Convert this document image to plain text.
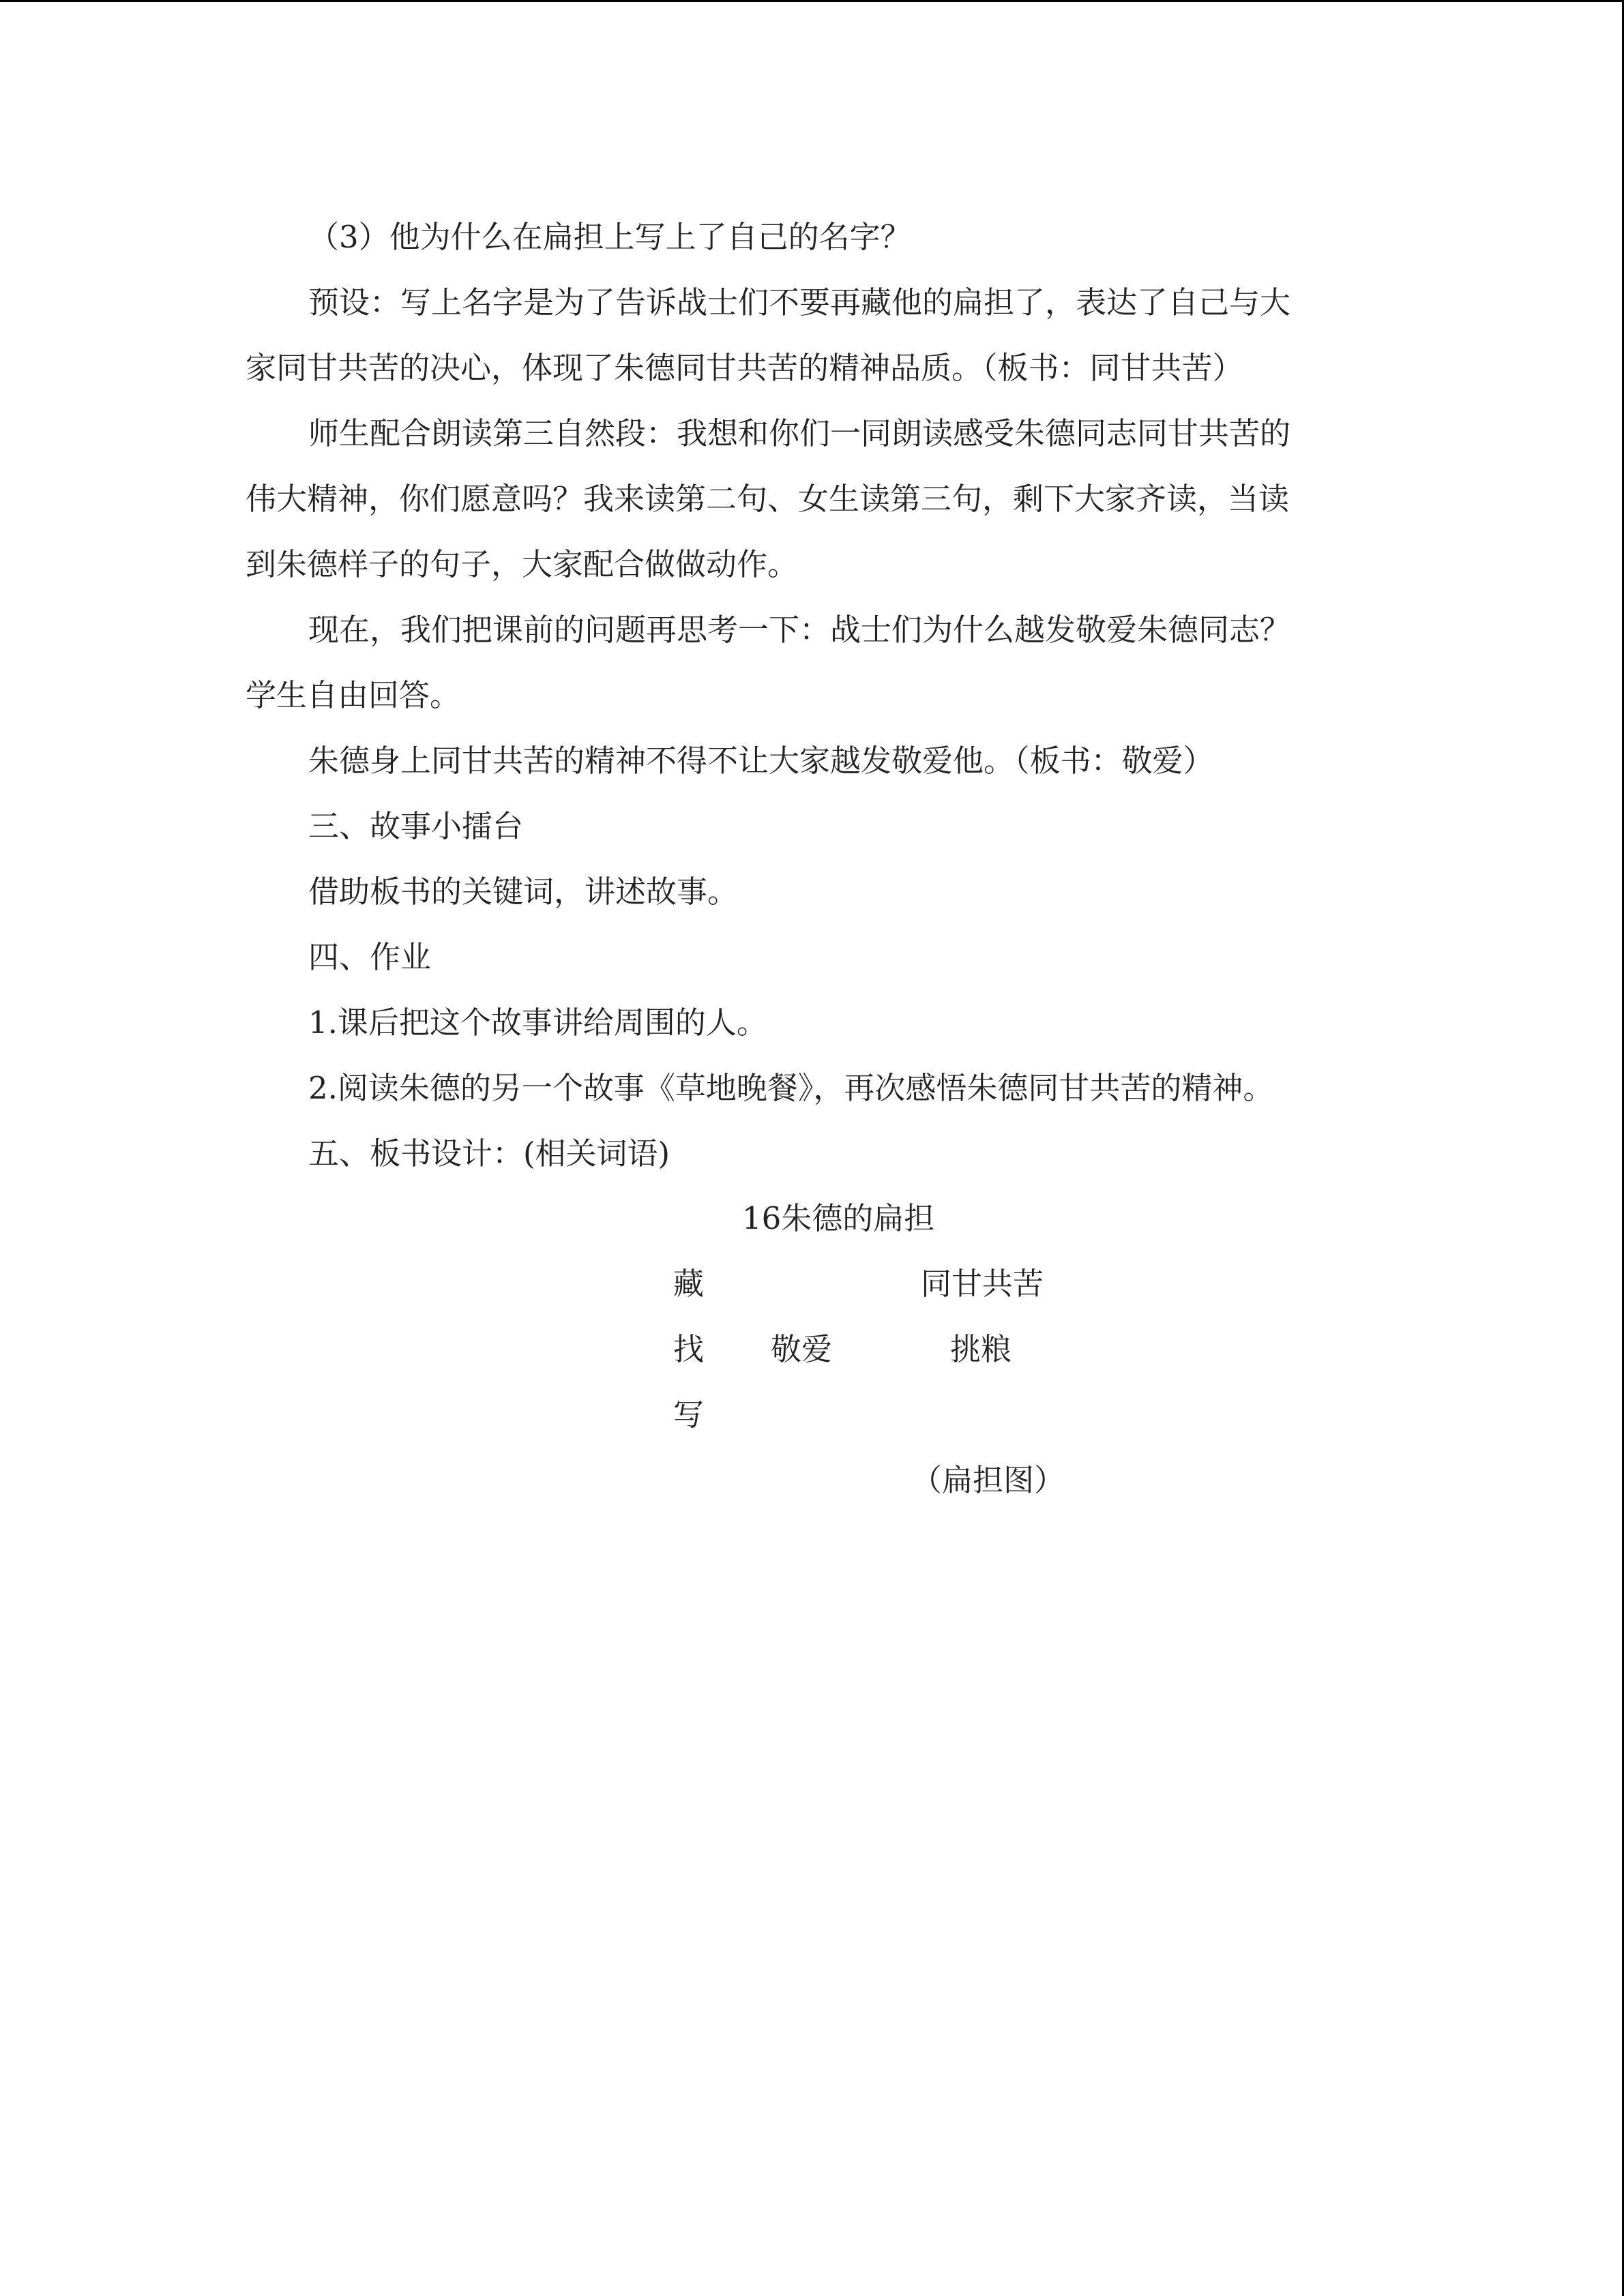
（3）他为什么在扁担上写上了自己的名字？

预设：写上名字是为了告诉战士们不要再藏他的扁担了，表达了自己与大

家同甘共苦的决心，体现了朱德同甘共苦的精神品质。（板书：同甘共苦）

师生配合朗读第三自然段：我想和你们一同朗读感受朱德同志同甘共苦的

伟大精神，你们愿意吗？我来读第二句、女生读第三句，剩下大家齐读，当读

到朱德样子的句子，大家配合做做动作。

现在，我们把课前的问题再思考一下：战士们为什么越发敬爱朱德同志？

学生自由回答。

朱德身上同甘共苦的精神不得不让大家越发敬爱他。（板书：敬爱）

三、故事小擂台

借助板书的关键词，讲述故事。

四、作业

1.课后把这个故事讲给周围的人。

2.阅读朱德的另一个故事《草地晚餐》，再次感悟朱德同甘共苦的精神。

五、板书设计：(相关词语)

16朱德的扁担
藏
找
写
敬爱
同甘共苦
挑粮
（扁担图）
